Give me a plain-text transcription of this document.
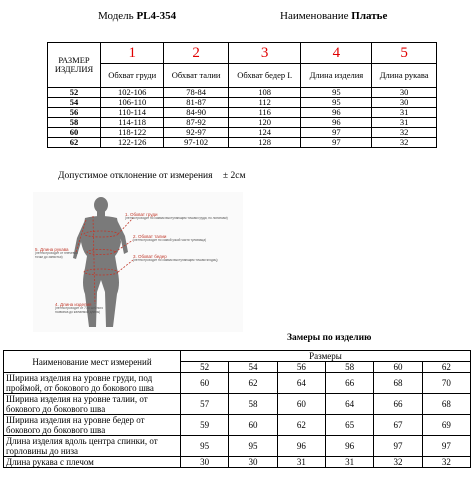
Модель PL4-354	Наименование Платье
РАЗМЕР ИЗДЕЛИЯ	1	2	3	4	5
	Обхват груди	Обхват талии	Обхват бедер I.	Длина изделия	Длина рукава
52	102-106	78-84	108	95	30
54	106-110	81-87	112	95	30
56	110-114	84-90	116	96	31
58	114-118	87-92	120	96	31
60	118-122	92-97	124	97	32
62	122-126	97-102	128	97	32
Допустимое отклонение от измерения ± 2см
1. Обхват груди
(лента проходит по самым выступающим точкам груди, по лопаткам)
2. Обхват талии
(лента проходит по самой узкой части туловища)
3. Обхват бедер
(лента проходит по самым выступающим точкам ягодиц)
5. Длина рукава
(лента проходит от плечевой точки до запястья)
4. Длина изделия
(лента проходит от 7-го шейного позвонка до желаемой длины)
Замеры по изделию
Наименование мест измерений	Размеры					
	52	54	56	58	60	62
Ширина изделия на уровне груди, под проймой, от бокового до бокового шва	60	62	64	66	68	70
Ширина изделия на уровне талии, от бокового до бокового шва	57	58	60	64	66	68
Ширина изделия на уровне бедер от бокового до бокового шва	59	60	62	65	67	69
Длина изделия вдоль центра спинки, от горловины до низа	95	95	96	96	97	97
Длина рукава с плечом	30	30	31	31	32	32
